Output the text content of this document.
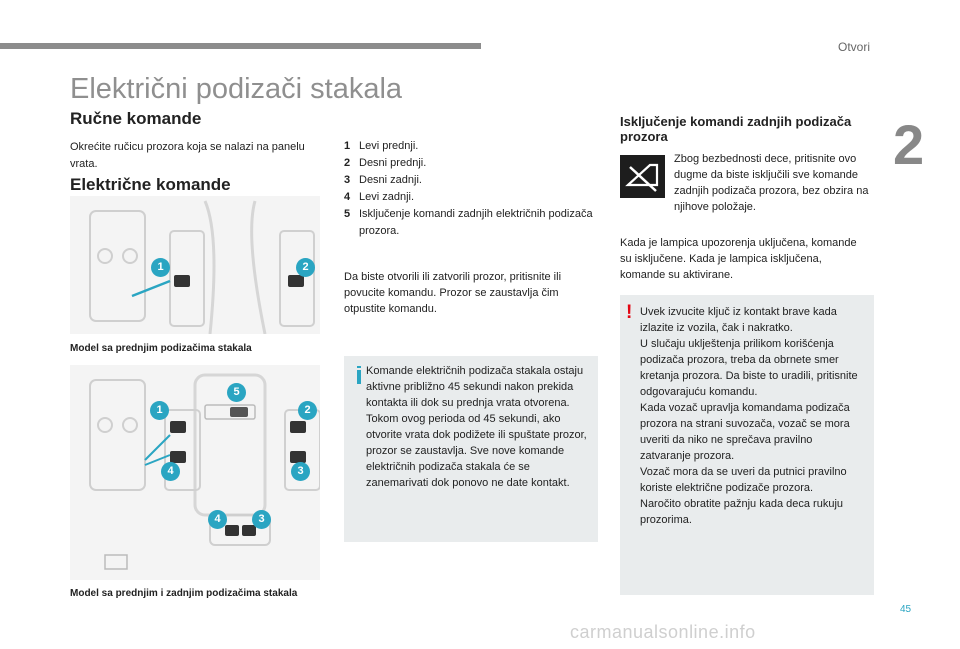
Otvori
2
45
Električni podizači stakala
Ručne komande
Okrećite ručicu prozora koja se nalazi na panelu vrata.
Električne komande
1	2
Model sa prednjim podizačima stakala
5
1	2
4	3
4	3
Model sa prednjim i zadnjim podizačima stakala
1 Levi prednji.
2 Desni prednji.
3 Desni zadnji.
4 Levi zadnji.
5 Isključenje komandi zadnjih električnih podizača prozora.
Da biste otvorili ili zatvorili prozor, pritisnite ili povucite komandu. Prozor se zaustavlja čim otpustite komandu.
Komande električnih podizača stakala ostaju aktivne približno 45 sekundi nakon prekida kontakta ili dok su prednja vrata otvorena. Tokom ovog perioda od 45 sekundi, ako otvorite vrata dok podižete ili spuštate prozor, prozor se zaustavlja. Sve nove komande električnih podizača stakala će se zanemarivati dok ponovo ne date kontakt.
Isključenje komandi zadnjih podizača prozora
Zbog bezbednosti dece, pritisnite ovo dugme da biste isključili sve komande zadnjih podizača prozora, bez obzira na njihove položaje.
Kada je lampica upozorenja uključena, komande su isključene. Kada je lampica isključena, komande su aktivirane.
! Uvek izvucite ključ iz kontakt brave kada izlazite iz vozila, čak i nakratko.
U slučaju uklještenja prilikom korišćenja podizača prozora, treba da obrnete smer kretanja prozora. Da biste to uradili, pritisnite odgovarajuću komandu.
Kada vozač upravlja komandama podizača prozora na strani suvozača, vozač se mora uveriti da niko ne sprečava pravilno zatvaranje prozora.
Vozač mora da se uveri da putnici pravilno koriste električne podizače prozora.
Naročito obratite pažnju kada deca rukuju prozorima.
carmanualsonline.info
